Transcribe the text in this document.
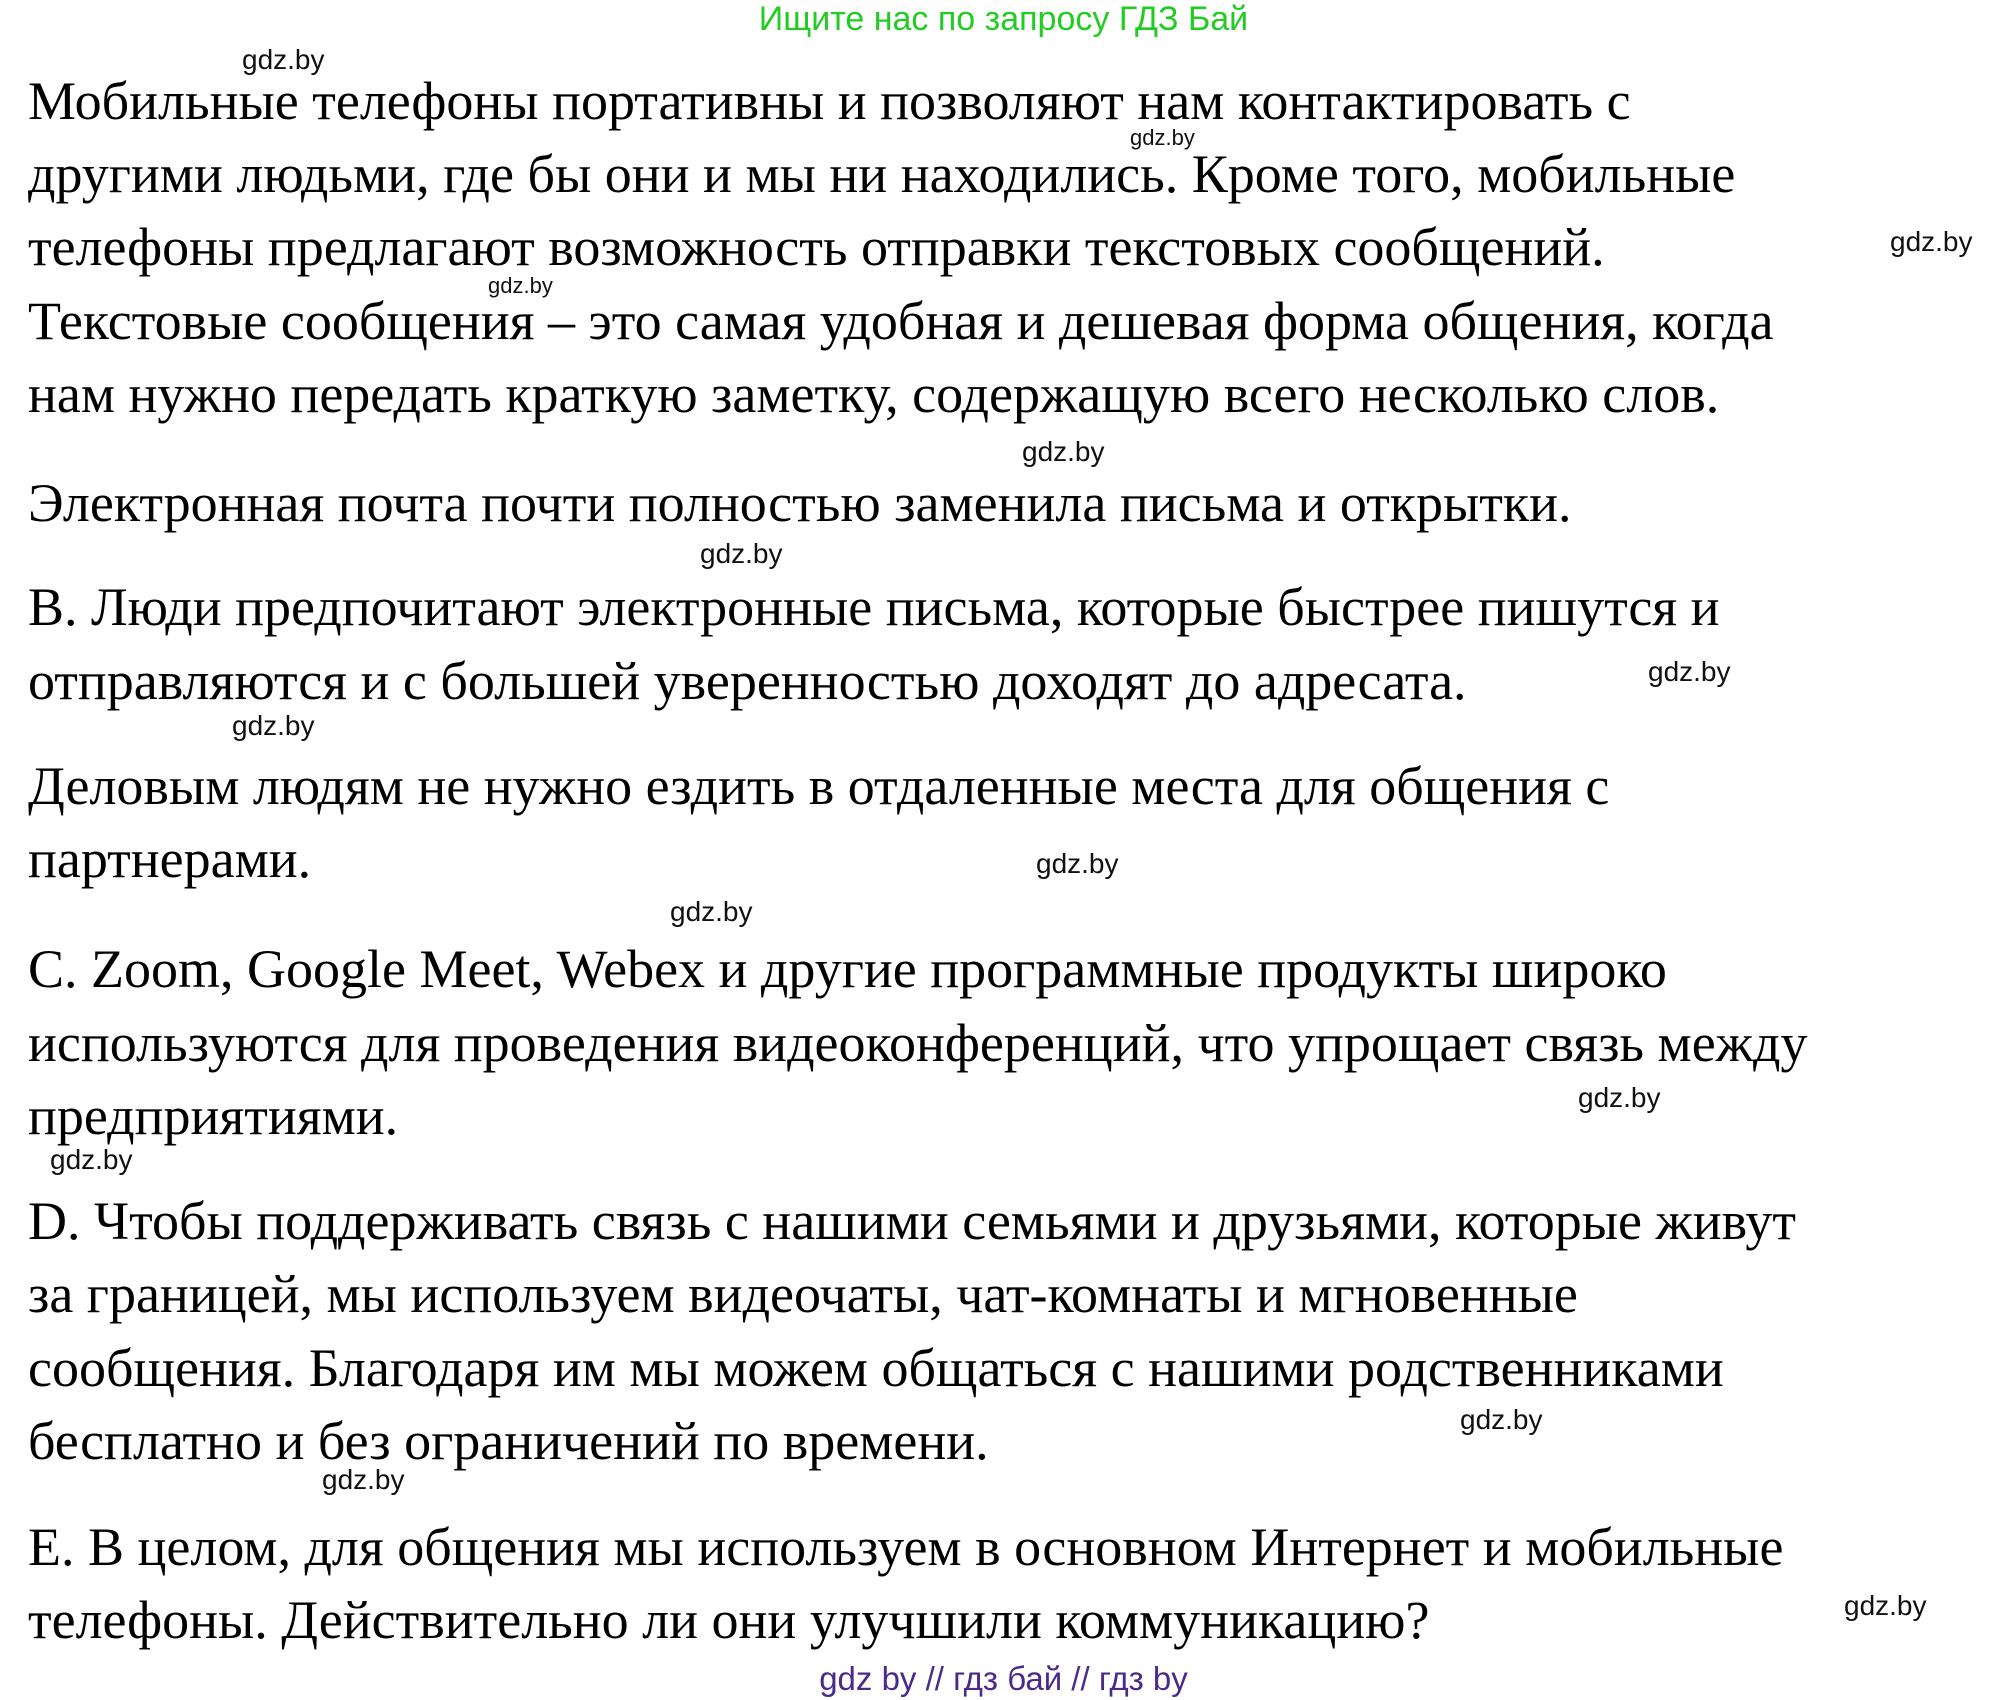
Ищите нас по запросу ГДЗ Бай
gdz.by
gdz.by
gdz.by
gdz.by
gdz.by
gdz.by
gdz.by
gdz.by
gdz.by
gdz.by
gdz.by
gdz.by
gdz.by
gdz.by
gdz.by
Мобильные телефоны портативны и позволяют нам контактировать с
другими людьми, где бы они и мы ни находились. Кроме того, мобильные
телефоны предлагают возможность отправки текстовых сообщений.
Текстовые сообщения – это самая удобная и дешевая форма общения, когда
нам нужно передать краткую заметку, содержащую всего несколько слов.
Электронная почта почти полностью заменила письма и открытки.
B. Люди предпочитают электронные письма, которые быстрее пишутся и
отправляются и с большей уверенностью доходят до адресата.
Деловым людям не нужно ездить в отдаленные места для общения с
партнерами.
C. Zoom, Google Meet, Webex и другие программные продукты широко
используются для проведения видеоконференций, что упрощает связь между
предприятиями.
D. Чтобы поддерживать связь с нашими семьями и друзьями, которые живут
за границей, мы используем видеочаты, чат-комнаты и мгновенные
сообщения. Благодаря им мы можем общаться с нашими родственниками
бесплатно и без ограничений по времени.
E. В целом, для общения мы используем в основном Интернет и мобильные
телефоны. Действительно ли они улучшили коммуникацию?
gdz by // гдз бай // гдз by
